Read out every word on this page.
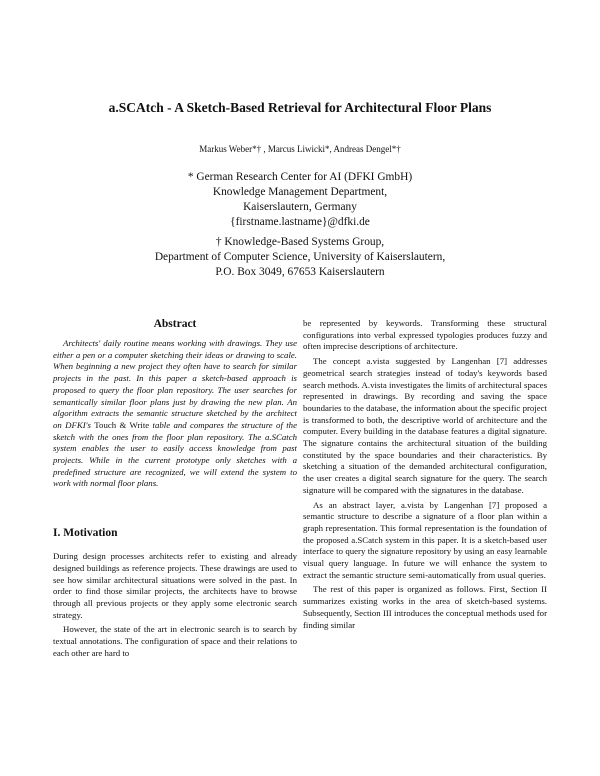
a.SCAtch - A Sketch-Based Retrieval for Architectural Floor Plans

Markus Weber*† , Marcus Liwicki*, Andreas Dengel*†

* German Research Center for AI (DFKI GmbH)

Knowledge Management Department,

Kaiserslautern, Germany

{firstname.lastname}@dfki.de

† Knowledge-Based Systems Group,

Department of Computer Science, University of Kaiserslautern,

P.O. Box 3049, 67653 Kaiserslautern

Abstract

Architects' daily routine means working with drawings. They use either a pen or a computer sketching their ideas or drawing to scale. When beginning a new project they often have to search for similar projects in the past. In this paper a sketch-based approach is proposed to query the floor plan repository. The user searches for semantically similar floor plans just by drawing the new plan. An algorithm extracts the semantic structure sketched by the architect on DFKI's Touch & Write table and compares the structure of the sketch with the ones from the floor plan repository. The a.SCatch system enables the user to easily access knowledge from past projects. While in the current prototype only sketches with a predefined structure are recognized, we will extend the system to work with normal floor plans.

I. Motivation

During design processes architects refer to existing and already designed buildings as reference projects. These drawings are used to see how similar architectural situations were solved in the past. In order to find those similar projects, the architects have to browse through all previous projects or they apply some electronic search strategy.

However, the state of the art in electronic search is to search by textual annotations. The configuration of space and their relations to each other are hard to

be represented by keywords. Transforming these structural configurations into verbal expressed typologies produces fuzzy and often imprecise descriptions of architecture.

The concept a.vista suggested by Langenhan [7] addresses geometrical search strategies instead of today's keywords based search methods. A.vista investigates the limits of architectural spaces represented in drawings. By recording and saving the space boundaries to the database, the information about the specific project is transformed to both, the descriptive world of architecture and the computer. Every building in the database features a digital signature. The signature contains the architectural situation of the building constituted by the space boundaries and their characteristics. By sketching a situation of the demanded architectural configuration, the user creates a digital search signature for the query. The search signature will be compared with the signatures in the database.

As an abstract layer, a.vista by Langenhan [7] proposed a semantic structure to describe a signature of a floor plan within a graph representation. This formal representation is the foundation of the proposed a.SCatch system in this paper. It is a sketch-based user interface to query the signature repository by using an easy learnable visual query language. In future we will enhance the system to extract the semantic structure semi-automatically from usual queries.

The rest of this paper is organized as follows. First, Section II summarizes existing works in the area of sketch-based systems. Subsequently, Section III introduces the conceptual methods used for finding similar
